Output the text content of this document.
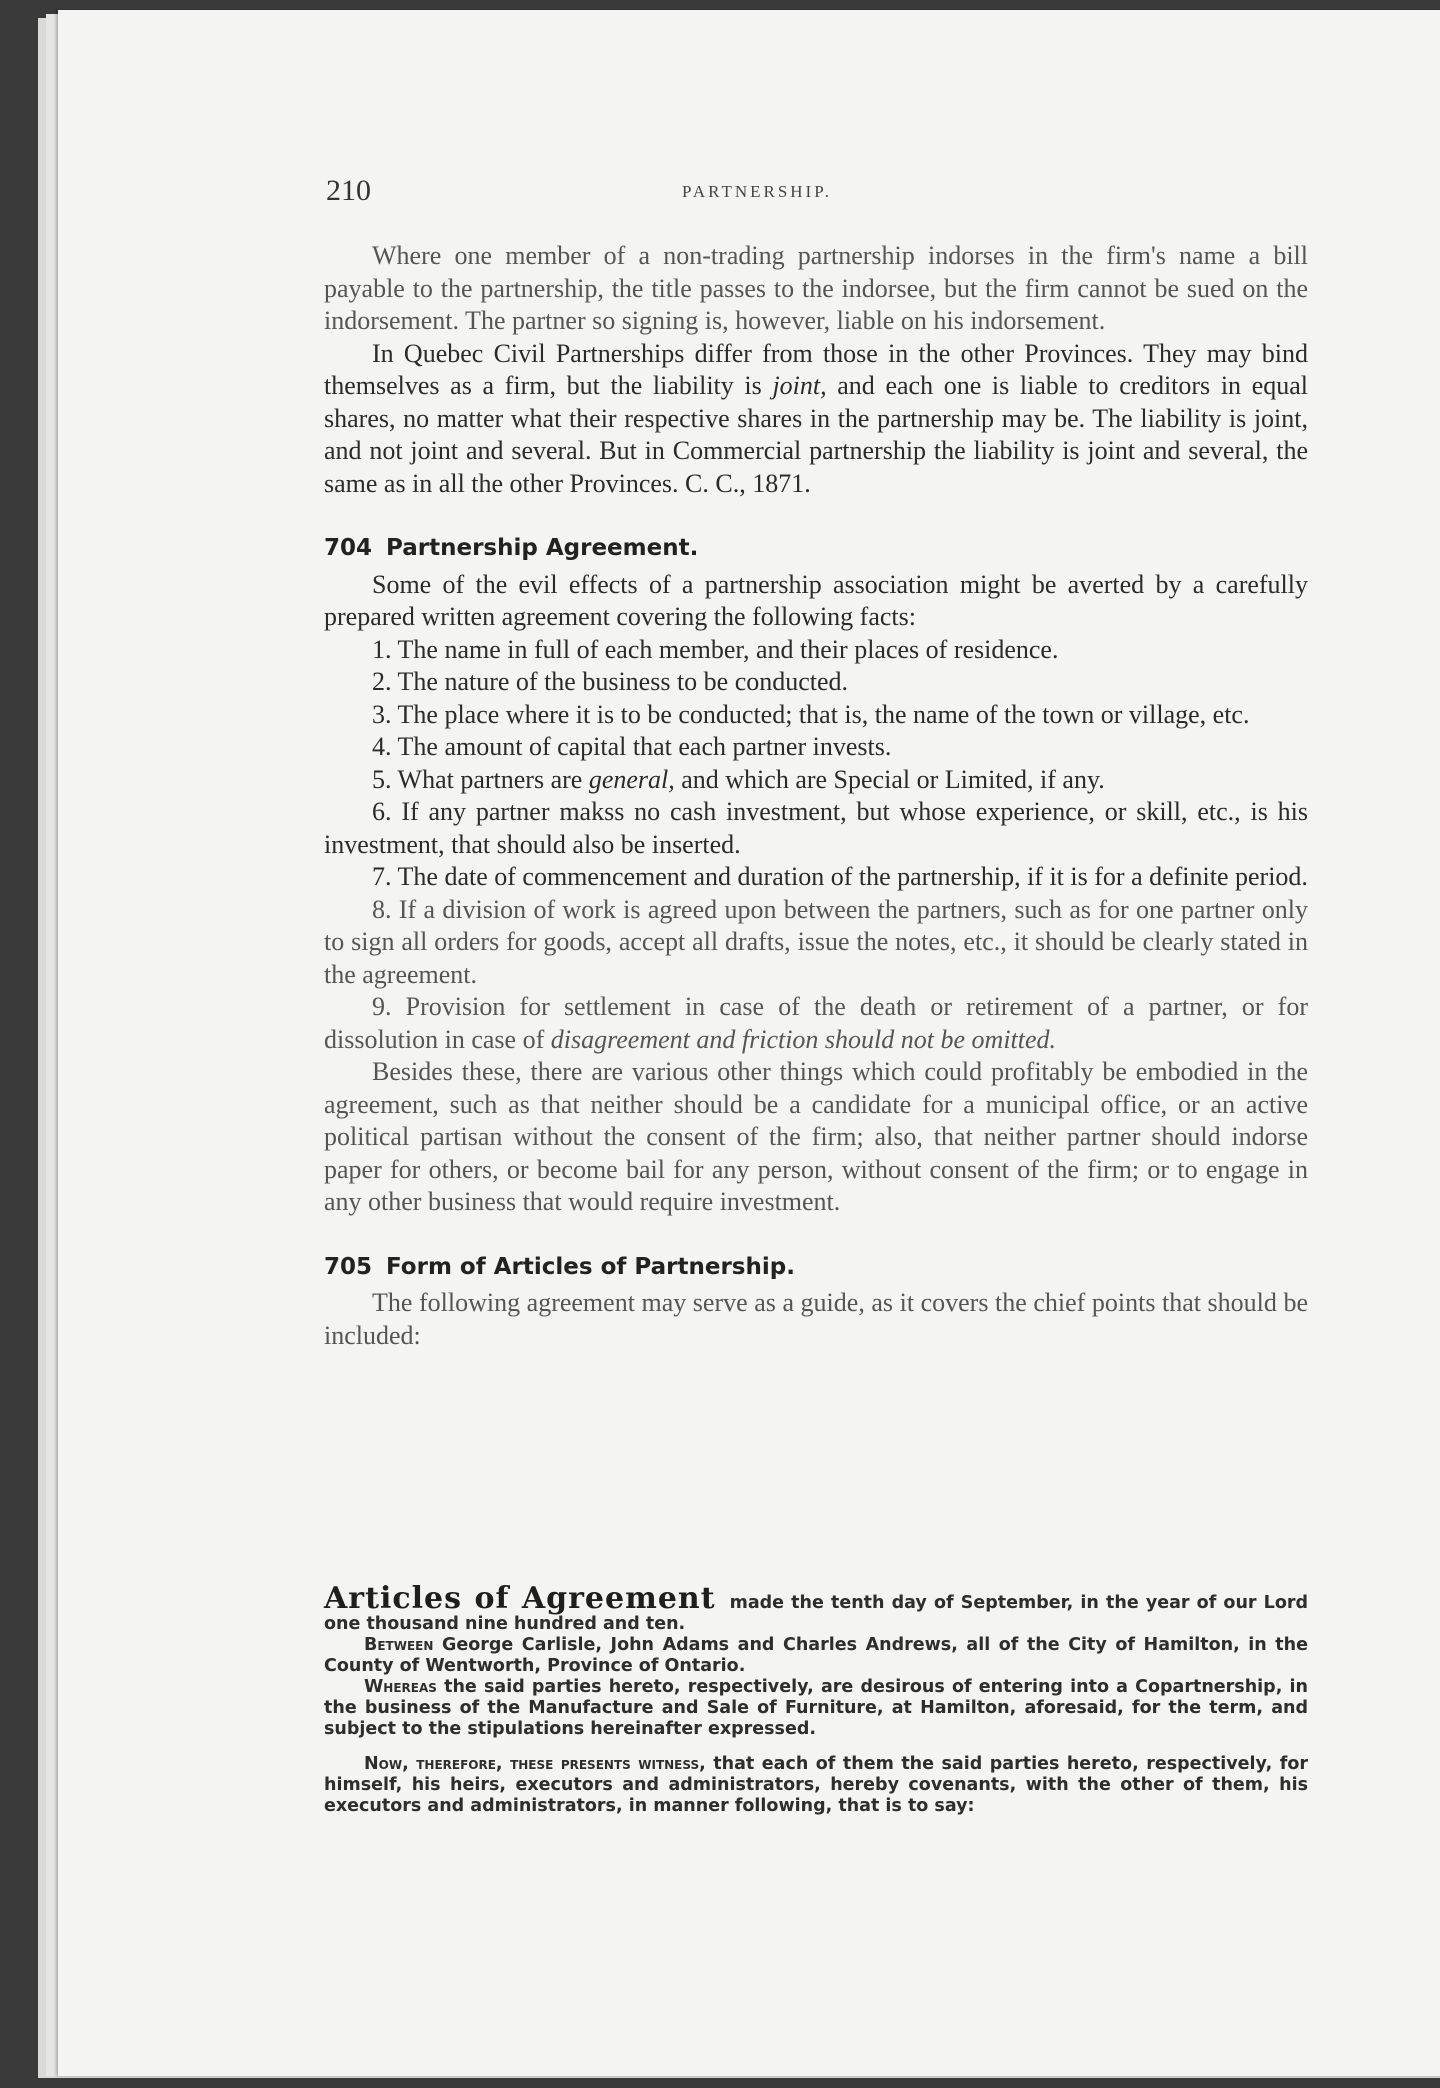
210	PARTNERSHIP.

Where one member of a non-trading partnership indorses in the firm's name a bill payable to the partnership, the title passes to the indorsee, but the firm cannot be sued on the indorsement. The partner so signing is, however, liable on his indorsement.

In Quebec Civil Partnerships differ from those in the other Provinces. They may bind themselves as a firm, but the liability is joint, and each one is liable to creditors in equal shares, no matter what their respective shares in the partnership may be. The liability is joint, and not joint and several. But in Commercial partnership the liability is joint and several, the same as in all the other Provinces. C. C., 1871.

704 Partnership Agreement.

Some of the evil effects of a partnership association might be averted by a carefully prepared written agreement covering the following facts:

1. The name in full of each member, and their places of residence.

2. The nature of the business to be conducted.

3. The place where it is to be conducted; that is, the name of the town or village, etc.

4. The amount of capital that each partner invests.

5. What partners are general, and which are Special or Limited, if any.

6. If any partner makss no cash investment, but whose experience, or skill, etc., is his investment, that should also be inserted.

7. The date of commencement and duration of the partnership, if it is for a definite period.

8. If a division of work is agreed upon between the partners, such as for one partner only to sign all orders for goods, accept all drafts, issue the notes, etc., it should be clearly stated in the agreement.

9. Provision for settlement in case of the death or retirement of a partner, or for dissolution in case of disagreement and friction should not be omitted.

Besides these, there are various other things which could profitably be embodied in the agreement, such as that neither should be a candidate for a municipal office, or an active political partisan without the consent of the firm; also, that neither partner should indorse paper for others, or become bail for any person, without consent of the firm; or to engage in any other business that would require investment.

705 Form of Articles of Partnership.

The following agreement may serve as a guide, as it covers the chief points that should be included:

Articles of Agreement made the tenth day of September, in the year of our Lord one thousand nine hundred and ten.

Between George Carlisle, John Adams and Charles Andrews, all of the City of Hamilton, in the County of Wentworth, Province of Ontario.

Whereas the said parties hereto, respectively, are desirous of entering into a Copartnership, in the business of the Manufacture and Sale of Furniture, at Hamilton, aforesaid, for the term, and subject to the stipulations hereinafter expressed.

Now, therefore, these presents witness, that each of them the said parties hereto, respectively, for himself, his heirs, executors and administrators, hereby covenants, with the other of them, his executors and administrators, in manner following, that is to say:
